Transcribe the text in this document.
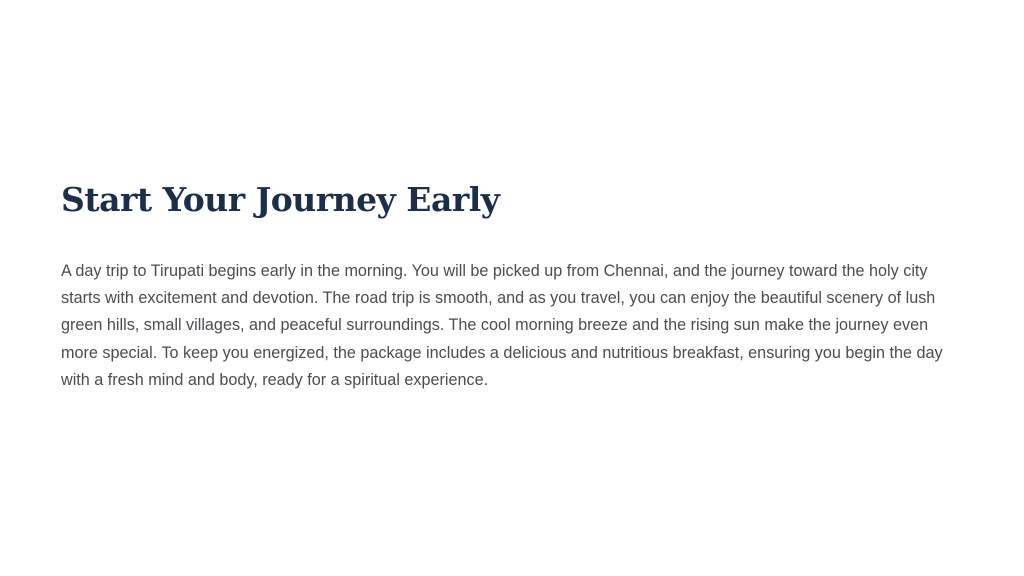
Start Your Journey Early

A day trip to Tirupati begins early in the morning. You will be picked up from Chennai, and the journey toward the holy city starts with excitement and devotion. The road trip is smooth, and as you travel, you can enjoy the beautiful scenery of lush green hills, small villages, and peaceful surroundings. The cool morning breeze and the rising sun make the journey even more special. To keep you energized, the package includes a delicious and nutritious breakfast, ensuring you begin the day with a fresh mind and body, ready for a spiritual experience.
